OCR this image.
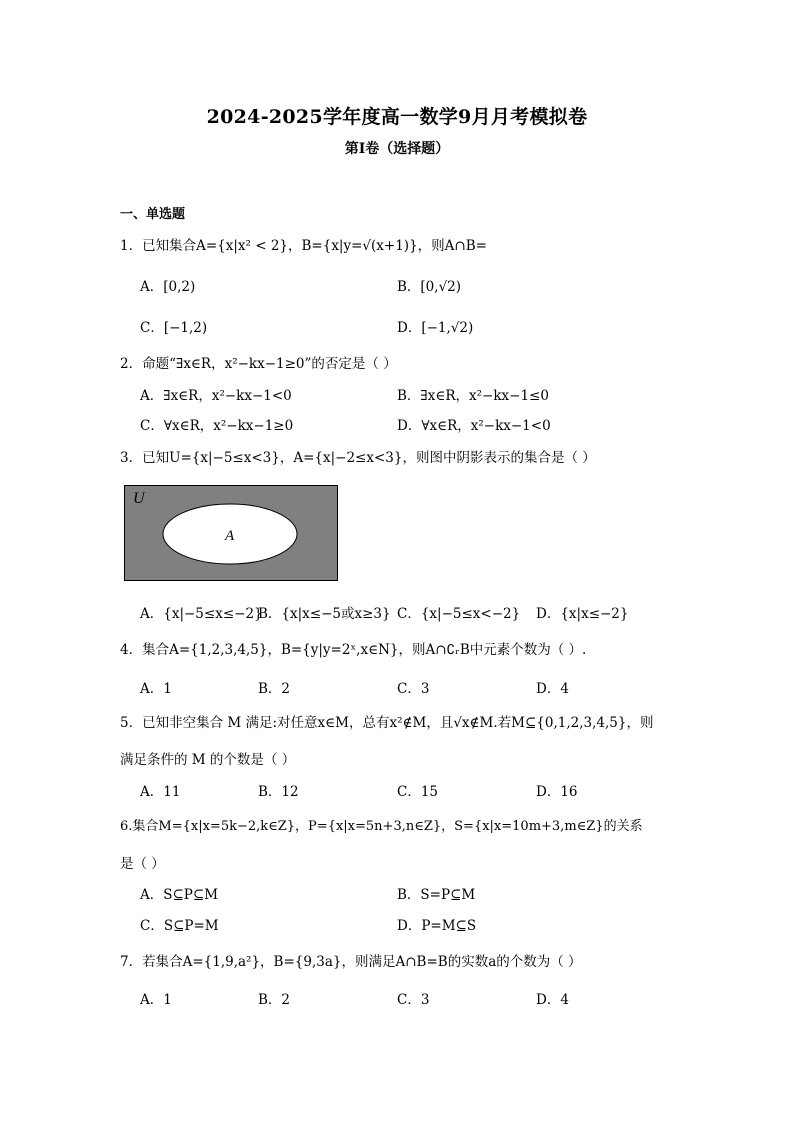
2024-2025学年度高一数学9月月考模拟卷
第I卷（选择题）
一、单选题
1．已知集合A={x|x² < 2}，B={x|y=√(x+1)}，则A∩B=
A．[0,2)	B．[0,√2)
C．[−1,2)	D．[−1,√2)
2．命题“∃x∈R，x²−kx−1≥0”的否定是（ ）
A．∃x∈R，x²−kx−1<0	B．∃x∈R，x²−kx−1≤0
C．∀x∈R，x²−kx−1≥0	D．∀x∈R，x²−kx−1<0
3．已知U={x|−5≤x<3}，A={x|−2≤x<3}，则图中阴影表示的集合是（ ）
U
A
A．{x|−5≤x≤−2}
B．{x|x≤−5或x≥3} C．{x|−5≤x<−2} D．{x|x≤−2}
4．集合A={1,2,3,4,5}，B={y|y=2ˣ,x∈N}，则A∩∁ᵣB中元素个数为（ ）.
A．1	B．2	C．3	D．4
5．已知非空集合 M 满足:对任意x∈M，总有x²∉M，且√x∉M.若M⊆{0,1,2,3,4,5}，则
满足条件的 M 的个数是（ ）
A．11	B．12	C．15	D．16
6.集合M={x|x=5k−2,k∈Z}，P={x|x=5n+3,n∈Z}，S={x|x=10m+3,m∈Z}的关系
是（ ）
A．S⊆P⊆M	B．S=P⊆M
C．S⊆P=M	D．P=M⊆S
7．若集合A={1,9,a²}，B={9,3a}，则满足A∩B=B的实数a的个数为（ ）
A．1	B．2	C．3	D．4
